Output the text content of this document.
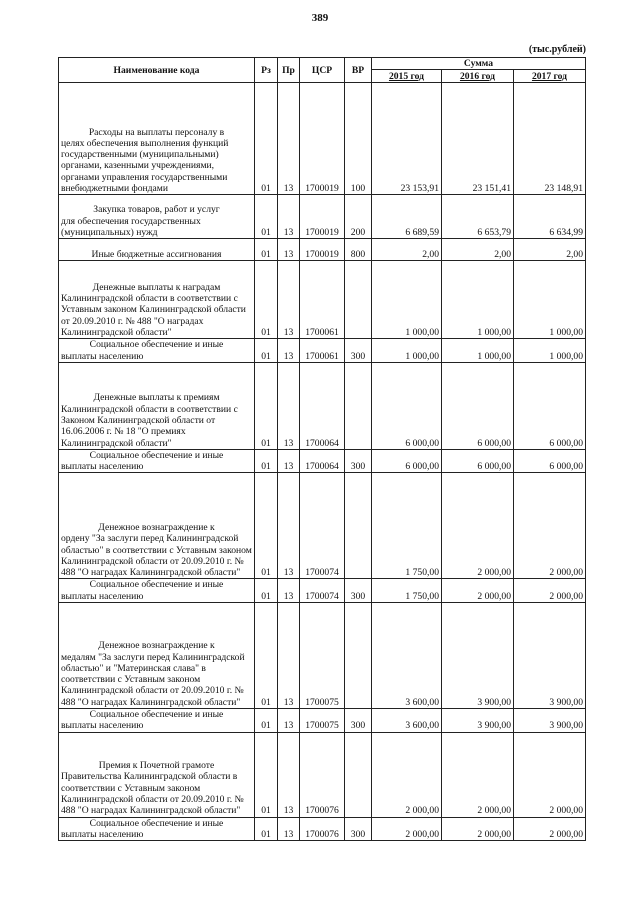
389
(тыс.рублей)
Наименование кода	Рз	Пр	ЦСР	ВР	Сумма		
					2015 год	2016 год	2017 год

Расходы на выплаты персоналу в
целях обеспечения выполнения функций государственными (муниципальными) органами, казенными учреждениями, органами управления государственными внебюджетными фондами	01	13	1700019	100	23 153,91	23 151,41	23 148,91

Закупка товаров, работ и услуг
для обеспечения государственных (муниципальных) нужд	01	13	1700019	200	6 689,59	6 653,79	6 634,99

Иные бюджетные ассигнования	01	13	1700019	800	2,00	2,00	2,00

Денежные выплаты к наградам
Калининградской области в соответствии с Уставным законом Калининградской области от 20.09.2010 г. № 488 "О наградах Калининградской области"	01	13	1700061		1 000,00	1 000,00	1 000,00

Социальное обеспечение и иные
выплаты населению	01	13	1700061	300	1 000,00	1 000,00	1 000,00

Денежные выплаты к премиям
Калининградской области в соответствии с Законом Калининградской области от 16.06.2006 г. № 18 "О премиях Калининградской области"	01	13	1700064		6 000,00	6 000,00	6 000,00

Социальное обеспечение и иные
выплаты населению	01	13	1700064	300	6 000,00	6 000,00	6 000,00

Денежное вознаграждение к
ордену "За заслуги перед Калининградской областью" в соответствии с Уставным законом Калининградской области от 20.09.2010 г. № 488 "О наградах Калининградской области"	01	13	1700074		1 750,00	2 000,00	2 000,00

Социальное обеспечение и иные
выплаты населению	01	13	1700074	300	1 750,00	2 000,00	2 000,00

Денежное вознаграждение к
медалям "За заслуги перед Калининградской областью" и "Материнская слава" в соответствии с Уставным законом Калининградской области от 20.09.2010 г. № 488 "О наградах Калининградской области"	01	13	1700075		3 600,00	3 900,00	3 900,00

Социальное обеспечение и иные
выплаты населению	01	13	1700075	300	3 600,00	3 900,00	3 900,00

Премия к Почетной грамоте
Правительства Калининградской области в соответствии с Уставным законом Калининградской области от 20.09.2010 г. № 488 "О наградах Калининградской области"	01	13	1700076		2 000,00	2 000,00	2 000,00

Социальное обеспечение и иные
выплаты населению	01	13	1700076	300	2 000,00	2 000,00	2 000,00
